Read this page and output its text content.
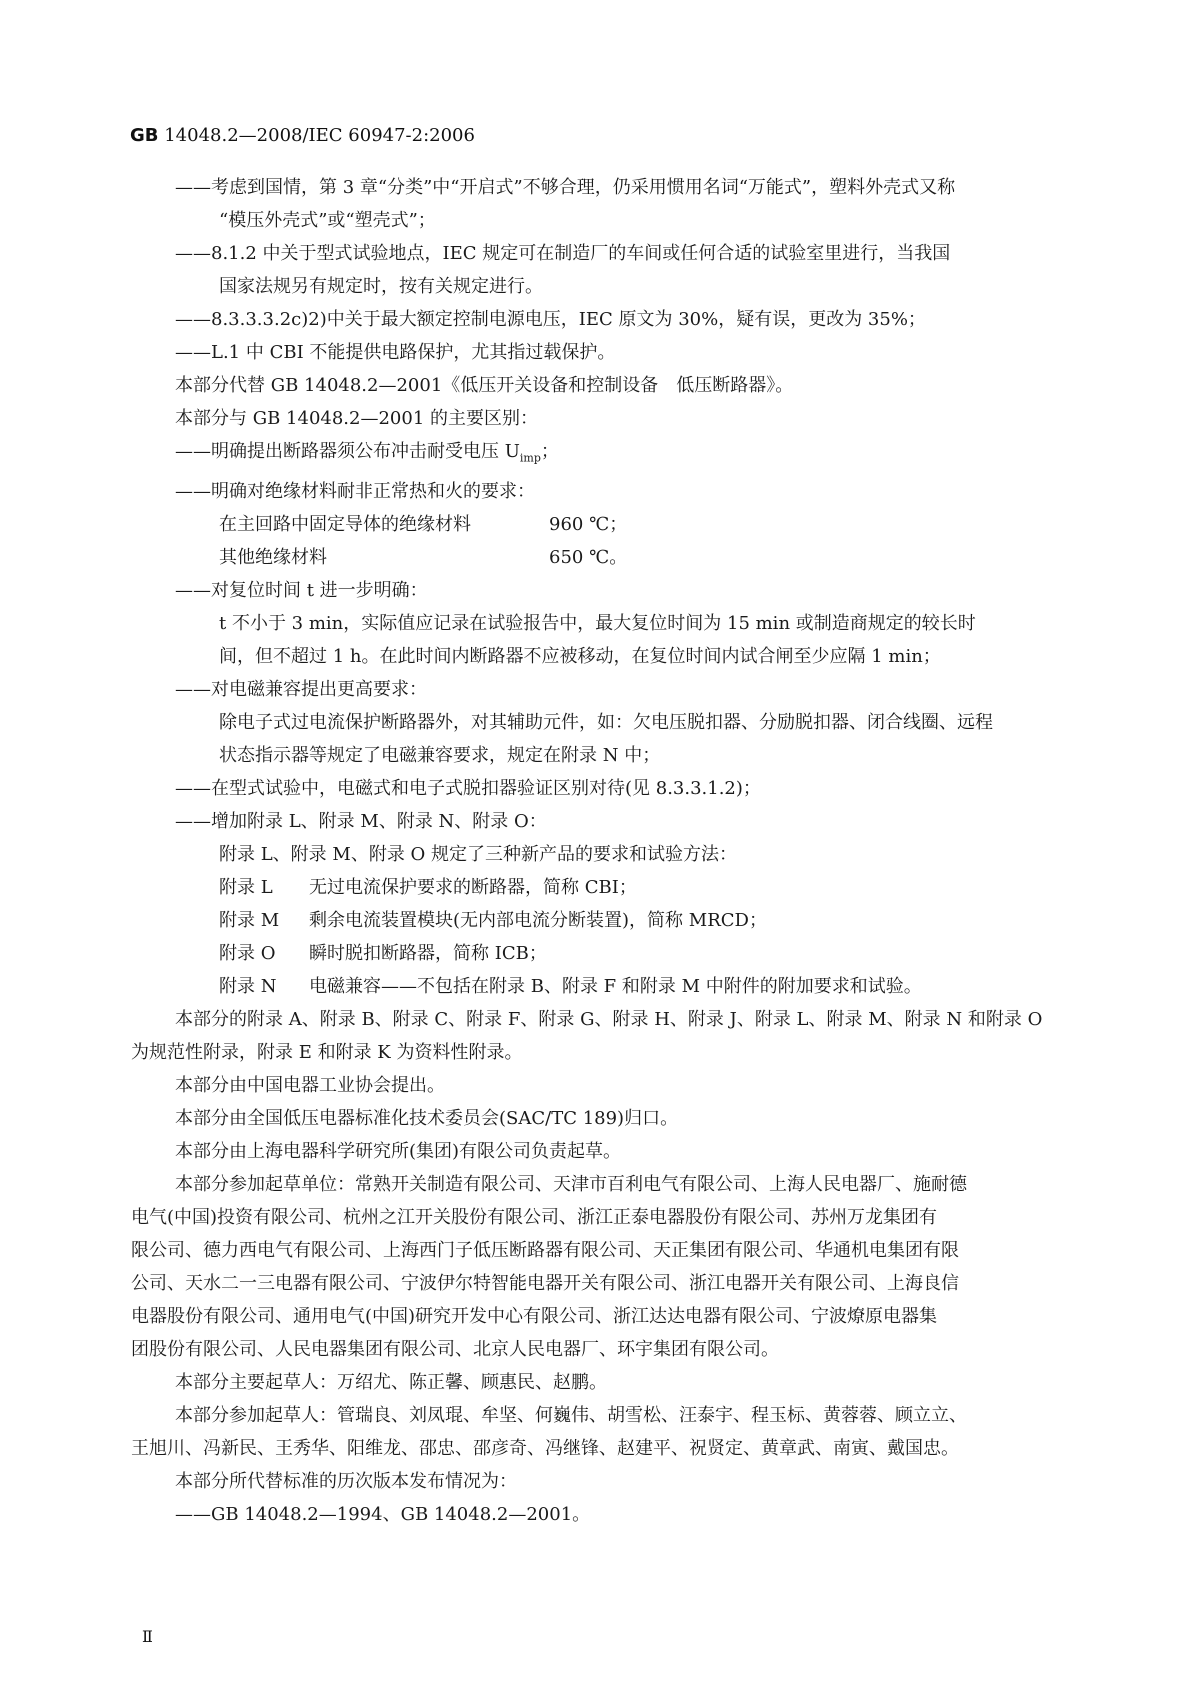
GB 14048.2—2008/IEC 60947-2:2006
——考虑到国情，第 3 章“分类”中“开启式”不够合理，仍采用惯用名词“万能式”，塑料外壳式又称
“模压外壳式”或“塑壳式”；
——8.1.2 中关于型式试验地点，IEC 规定可在制造厂的车间或任何合适的试验室里进行，当我国
国家法规另有规定时，按有关规定进行。
——8.3.3.3.2c)2)中关于最大额定控制电源电压，IEC 原文为 30%，疑有误，更改为 35%；
——L.1 中 CBI 不能提供电路保护，尤其指过载保护。
本部分代替 GB 14048.2—2001《低压开关设备和控制设备　低压断路器》。
本部分与 GB 14048.2—2001 的主要区别：
——明确提出断路器须公布冲击耐受电压 $U_{imp}$；
——明确对绝缘材料耐非正常热和火的要求：
在主回路中固定导体的绝缘材料	960 ℃；
其他绝缘材料	650 ℃。
——对复位时间 t 进一步明确：
t 不小于 3 min，实际值应记录在试验报告中，最大复位时间为 15 min 或制造商规定的较长时
间，但不超过 1 h。在此时间内断路器不应被移动，在复位时间内试合闸至少应隔 1 min；
——对电磁兼容提出更高要求：
除电子式过电流保护断路器外，对其辅助元件，如：欠电压脱扣器、分励脱扣器、闭合线圈、远程
状态指示器等规定了电磁兼容要求，规定在附录 N 中；
——在型式试验中，电磁式和电子式脱扣器验证区别对待(见 8.3.3.1.2)；
——增加附录 L、附录 M、附录 N、附录 O：
附录 L、附录 M、附录 O 规定了三种新产品的要求和试验方法：
附录 L	无过电流保护要求的断路器，简称 CBI；
附录 M	剩余电流装置模块(无内部电流分断装置)，简称 MRCD；
附录 O	瞬时脱扣断路器，简称 ICB；
附录 N	电磁兼容——不包括在附录 B、附录 F 和附录 M 中附件的附加要求和试验。
本部分的附录 A、附录 B、附录 C、附录 F、附录 G、附录 H、附录 J、附录 L、附录 M、附录 N 和附录 O
为规范性附录，附录 E 和附录 K 为资料性附录。
本部分由中国电器工业协会提出。
本部分由全国低压电器标准化技术委员会(SAC/TC 189)归口。
本部分由上海电器科学研究所(集团)有限公司负责起草。
本部分参加起草单位：常熟开关制造有限公司、天津市百利电气有限公司、上海人民电器厂、施耐德
电气(中国)投资有限公司、杭州之江开关股份有限公司、浙江正泰电器股份有限公司、苏州万龙集团有
限公司、德力西电气有限公司、上海西门子低压断路器有限公司、天正集团有限公司、华通机电集团有限
公司、天水二一三电器有限公司、宁波伊尔特智能电器开关有限公司、浙江电器开关有限公司、上海良信
电器股份有限公司、通用电气(中国)研究开发中心有限公司、浙江达达电器有限公司、宁波燎原电器集
团股份有限公司、人民电器集团有限公司、北京人民电器厂、环宇集团有限公司。
本部分主要起草人：万绍尤、陈正馨、顾惠民、赵鹏。
本部分参加起草人：管瑞良、刘凤琨、牟坚、何巍伟、胡雪松、汪泰宇、程玉标、黄蓉蓉、顾立立、
王旭川、冯新民、王秀华、阳维龙、邵忠、邵彦奇、冯继锋、赵建平、祝贤定、黄章武、南寅、戴国忠。
本部分所代替标准的历次版本发布情况为：
——GB 14048.2—1994、GB 14048.2—2001。
Ⅱ
